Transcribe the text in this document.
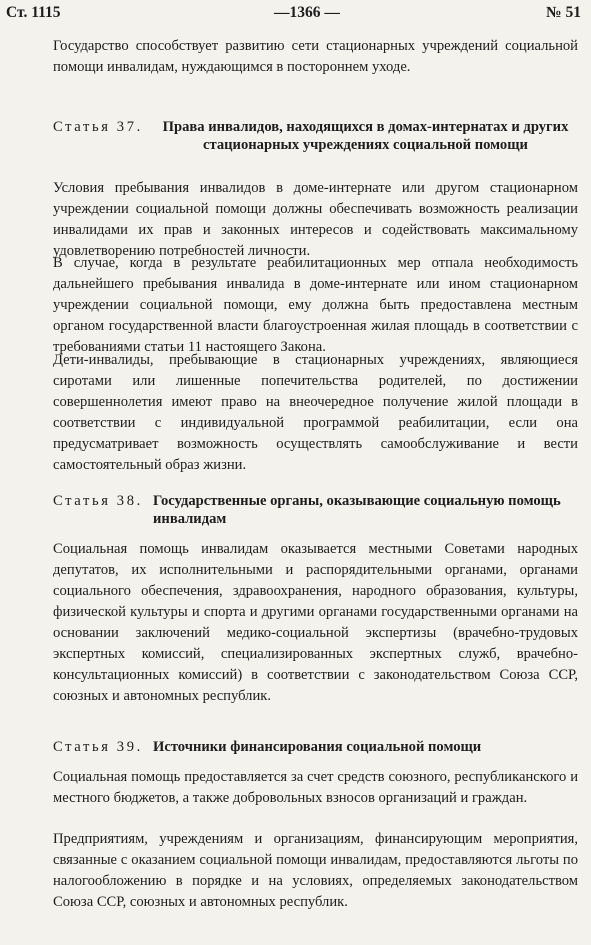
Ст. 1115	—1366 —	№ 51

Государство способствует развитию сети стационарных учреждений социальной помощи инвалидам, нуждающимся в постороннем уходе.

Статья 37.	Права инвалидов, находящихся в домах-интернатах и других стационарных учреждениях социальной помощи

Условия пребывания инвалидов в доме-интернате или другом стационарном учреждении социальной помощи должны обеспечивать возможность реализации инвалидами их прав и законных интересов и содействовать максимальному удовлетворению потребностей личности.

В случае, когда в результате реабилитационных мер отпала необходимость дальнейшего пребывания инвалида в доме-интернате или ином стационарном учреждении социальной помощи, ему должна быть предоставлена местным органом государственной власти благоустроенная жилая площадь в соответствии с требованиями статьи 11 настоящего Закона.

Дети-инвалиды, пребывающие в стационарных учреждениях, являющиеся сиротами или лишенные попечительства родителей, по достижении совершеннолетия имеют право на внеочередное получение жилой площади в соответствии с индивидуальной программой реабилитации, если она предусматривает возможность осуществлять самообслуживание и вести самостоятельный образ жизни.

Статья 38. Государственные органы, оказывающие социальную помощь инвалидам

Социальная помощь инвалидам оказывается местными Советами народных депутатов, их исполнительными и распорядительными органами, органами социального обеспечения, здравоохранения, народного образования, культуры, физической культуры и спорта и другими органами государственными органами на основании заключений медико-социальной экспертизы (врачебно-трудовых экспертных комиссий, специализированных экспертных служб, врачебно-консультационных комиссий) в соответствии с законодательством Союза ССР, союзных и автономных республик.

Статья 39. Источники финансирования социальной помощи

Социальная помощь предоставляется за счет средств союзного, республиканского и местного бюджетов, а также добровольных взносов организаций и граждан.

Предприятиям, учреждениям и организациям, финансирующим мероприятия, связанные с оказанием социальной помощи инвалидам, предоставляются льготы по налогообложению в порядке и на условиях, определяемых законодательством Союза ССР, союзных и автономных республик.
